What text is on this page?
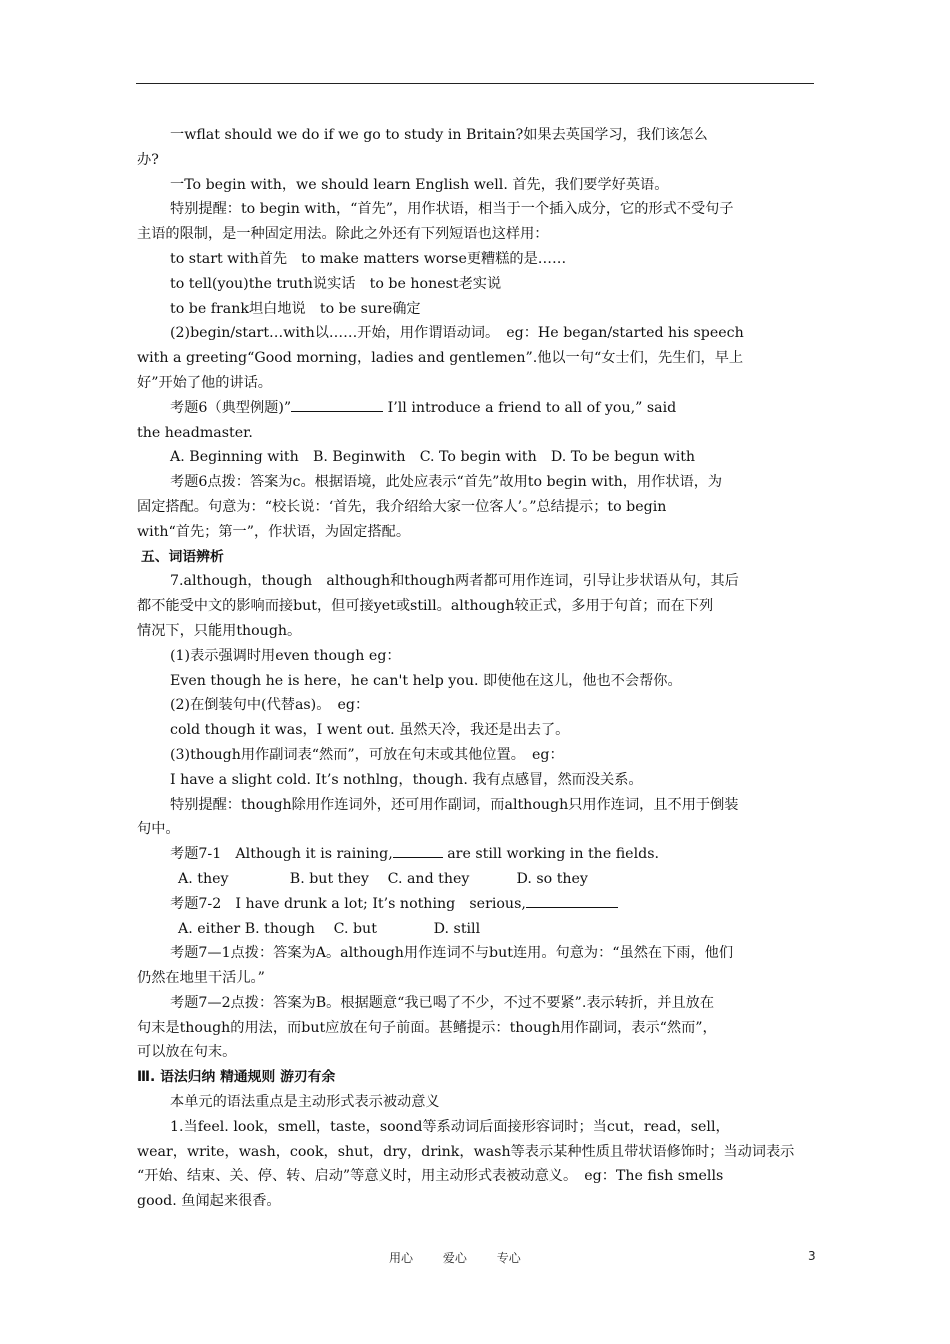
一wflat should we do if we go to study in Britain?如果去英国学习，我们该怎么

办?

一To begin with，we should learn English well. 首先，我们要学好英语。

特别提醒：to begin with，“首先”，用作状语，相当于一个插入成分，它的形式不受句子

主语的限制，是一种固定用法。除此之外还有下列短语也这样用：

to start with首先　to make matters worse更糟糕的是……

to tell(you)the truth说实话　to be honest老实说

to be frank坦白地说　to be sure确定

(2)begin/start…with以……开始，用作谓语动词。　eg：He began/started his speech

with a greeting“Good morning，ladies and gentlemen”.他以一句“女士们，先生们，早上

好”开始了他的讲话。

考题6（典型例题)”	I’ll introduce a friend to all of you,” said

the headmaster.

A. Beginning with　B. Beginwith　C. To begin with　D. To be begun with

考题6点拨：答案为c。根据语境，此处应表示“首先”故用to begin with，用作状语，为

固定搭配。句意为：“校长说：‘首先，我介绍给大家一位客人’。”总结提示；to begin

with“首先；第一”，作状语，为固定搭配。

五、词语辨析

7.although，though　although和though两者都可用作连词，引导让步状语从句，其后

都不能受中文的影响而接but，但可接yet或still。although较正式，多用于句首；而在下列

情况下，只能用though。

(1)表示强调时用even though eg：

Even though he is here，he can't help you. 即使他在这儿，他也不会帮你。

(2)在倒装句中(代替as)。　eg：

cold though it was，I went out. 虽然天冷，我还是出去了。

(3)though用作副词表“然而”，可放在句末或其他位置。　eg：

I have a slight cold. It’s nothlng，though. 我有点感冒，然而没关系。

特别提醒：though除用作连词外，还可用作副词，而although只用作连词，且不用于倒装

句中。

考题7-1　Although it is raining,	are still working in the fields.

A. they　　　　 B. but they　 C. and they　　　 D. so they

考题7-2　I have drunk a lot; It’s nothing　serious,

A. either B. though　 C. but　　　　D. still

考题7—1点拨：答案为A。although用作连词不与but连用。句意为：“虽然在下雨，他们

仍然在地里干活儿。”

考题7—2点拨：答案为B。根据题意“我已喝了不少，不过不要紧”.表示转折，并且放在

句末是though的用法，而but应放在句子前面。甚鳍提示：though用作副词，表示“然而”，

可以放在句末。

Ⅲ. 语法归纳 精通规则 游刃有余

本单元的语法重点是主动形式表示被动意义

1.当feel. look，smell，taste，soond等系动词后面接形容词时；当cut，read，sell，

wear，write，wash，cook，shut，dry，drink，wash等表示某种性质且带状语修饰时；当动词表示

“开始、结束、关、停、转、启动”等意义时，用主动形式表被动意义。　eg：The fish smells

good. 鱼闻起来很香。

用心 爱心 专心	3
